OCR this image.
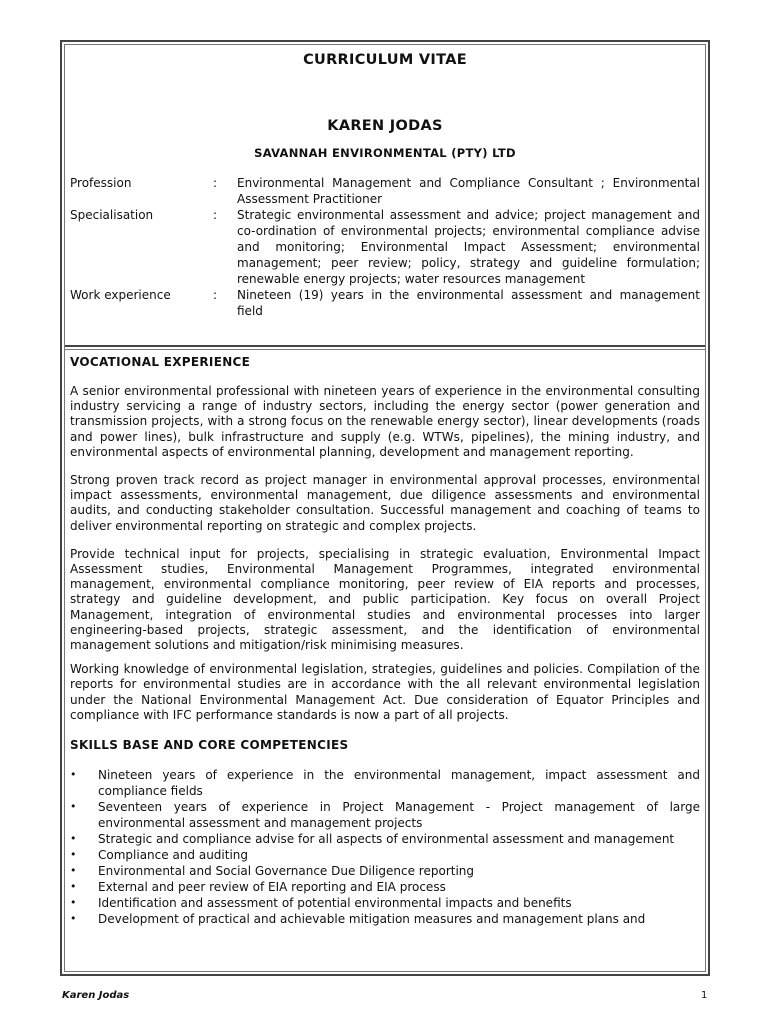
CURRICULUM VITAE
KAREN JODAS
SAVANNAH ENVIRONMENTAL (PTY) LTD
Profession	:	Environmental Management and Compliance Consultant ; Environmental Assessment Practitioner
Specialisation	:	Strategic environmental assessment and advice; project management and co-ordination of environmental projects; environmental compliance advise and monitoring; Environmental Impact Assessment; environmental management; peer review; policy, strategy and guideline formulation; renewable energy projects; water resources management
Work experience	:	Nineteen (19) years in the environmental assessment and management field
VOCATIONAL EXPERIENCE

A senior environmental professional with nineteen years of experience in the environmental consulting industry servicing a range of industry sectors, including the energy sector (power generation and transmission projects, with a strong focus on the renewable energy sector), linear developments (roads and power lines), bulk infrastructure and supply (e.g. WTWs, pipelines), the mining industry, and environmental aspects of environmental planning, development and management reporting.

Strong proven track record as project manager in environmental approval processes, environmental impact assessments, environmental management, due diligence assessments and environmental audits, and conducting stakeholder consultation. Successful management and coaching of teams to deliver environmental reporting on strategic and complex projects.

Provide technical input for projects, specialising in strategic evaluation, Environmental Impact Assessment studies, Environmental Management Programmes, integrated environmental management, environmental compliance monitoring, peer review of EIA reports and processes, strategy and guideline development, and public participation. Key focus on overall Project Management, integration of environmental studies and environmental processes into larger engineering-based projects, strategic assessment, and the identification of environmental management solutions and mitigation/risk minimising measures.

Working knowledge of environmental legislation, strategies, guidelines and policies. Compilation of the reports for environmental studies are in accordance with the all relevant environmental legislation under the National Environmental Management Act. Due consideration of Equator Principles and compliance with IFC performance standards is now a part of all projects.

SKILLS BASE AND CORE COMPETENCIES
•	Nineteen years of experience in the environmental management, impact assessment and compliance fields
•	Seventeen years of experience in Project Management - Project management of large environmental assessment and management projects
•	Strategic and compliance advise for all aspects of environmental assessment and management
•	Compliance and auditing
•	Environmental and Social Governance Due Diligence reporting
•	External and peer review of EIA reporting and EIA process
•	Identification and assessment of potential environmental impacts and benefits
•	Development of practical and achievable mitigation measures and management plans and
Karen Jodas	1
